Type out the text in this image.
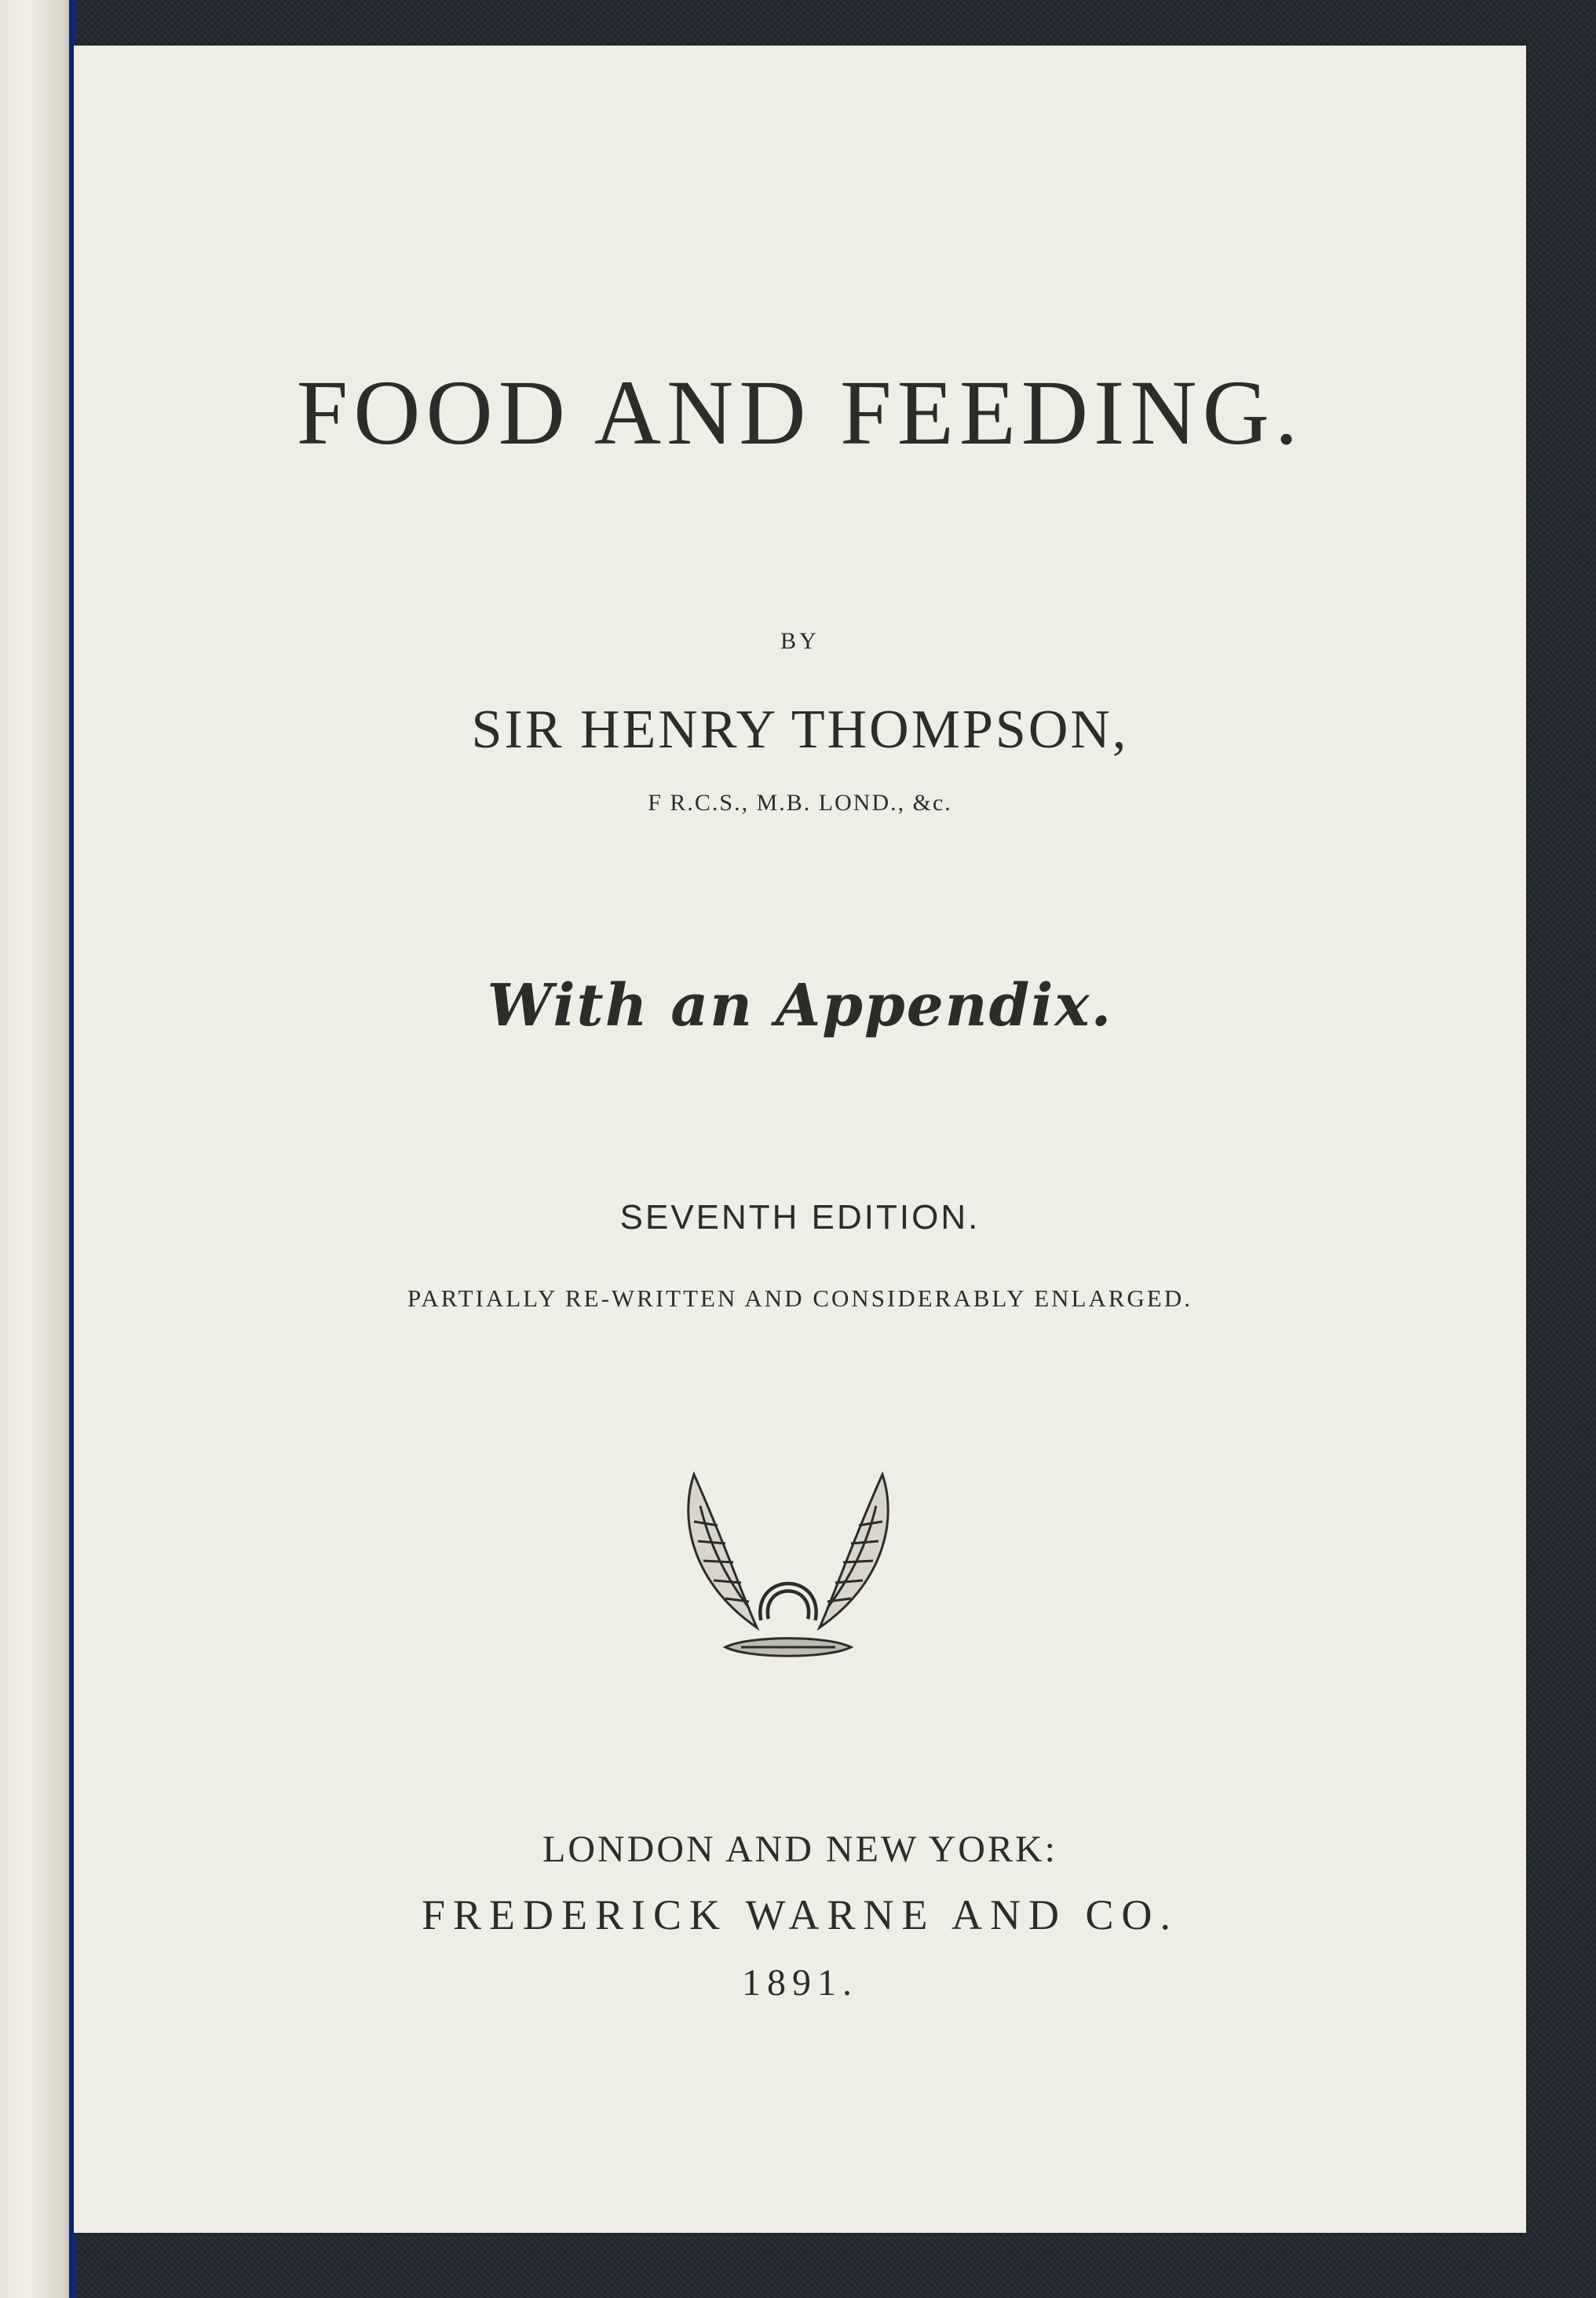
FOOD AND FEEDING.
BY
SIR HENRY THOMPSON,
F R.C.S., M.B. LOND., &c.
With an Appendix.
SEVENTH EDITION.
PARTIALLY RE-WRITTEN AND CONSIDERABLY ENLARGED.
LONDON AND NEW YORK:
FREDERICK WARNE AND CO.
1891.
